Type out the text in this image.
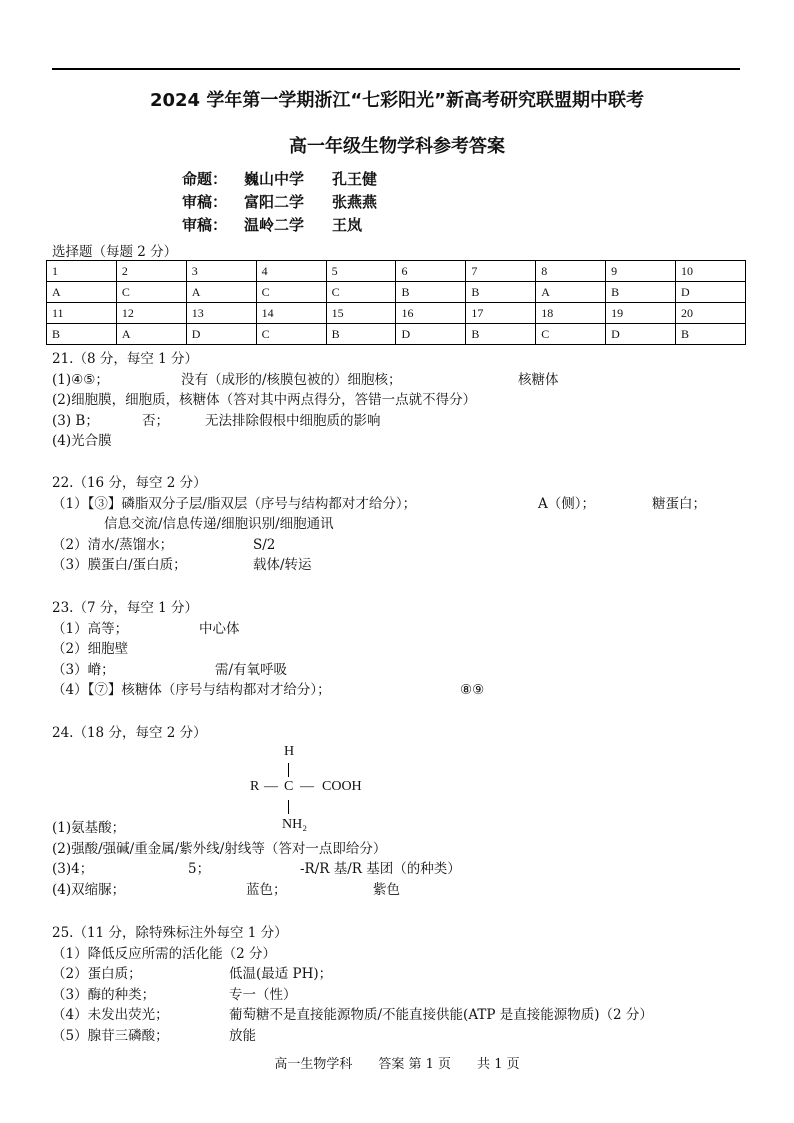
2024 学年第一学期浙江“七彩阳光”新高考研究联盟期中联考
高一年级生物学科参考答案
命题： 巍山中学 孔王健
审稿： 富阳二学 张燕燕
审稿： 温岭二学 王岚
选择题（每题 2 分）
1	2	3	4	5	6	7	8	9	10
A	C	A	C	C	B	B	A	B	D
11	12	13	14	15	16	17	18	19	20
B	A	D	C	B	D	B	C	D	B
21.（8 分，每空 1 分）
(1)④⑤；	没有（成形的/核膜包被的）细胞核；	核糖体
(2)细胞膜，细胞质，核糖体（答对其中两点得分，答错一点就不得分）
(3) B；	否；	无法排除假根中细胞质的影响
(4)光合膜
22.（16 分，每空 2 分）
（1）【③】磷脂双分子层/脂双层（序号与结构都对才给分）；	A（侧）；	糖蛋白；
信息交流/信息传递/细胞识别/细胞通讯
（2）清水/蒸馏水；	S/2
（3）膜蛋白/蛋白质；	载体/转运
23.（7 分，每空 1 分）
（1）高等；	中心体
（2）细胞壁
（3）嵴；	需/有氧呼吸
（4）【⑦】核糖体（序号与结构都对才给分）；	⑧⑨
24.（18 分，每空 2 分）
H
R — C — COOH
NH₂
(1)氨基酸；
(2)强酸/强碱/重金属/紫外线/射线等（答对一点即给分）
(3)4；	5；	-R/R 基/R 基团（的种类）
(4)双缩脲；	蓝色；	紫色
25.（11 分，除特殊标注外每空 1 分）
（1）降低反应所需的活化能（2 分）
（2）蛋白质；	低温(最适 PH)；
（3）酶的种类；	专一（性）
（4）未发出荧光；	葡萄糖不是直接能源物质/不能直接供能(ATP 是直接能源物质)（2 分）
（5）腺苷三磷酸；	放能
高一生物学科　　答案 第 1 页　　共 1 页
